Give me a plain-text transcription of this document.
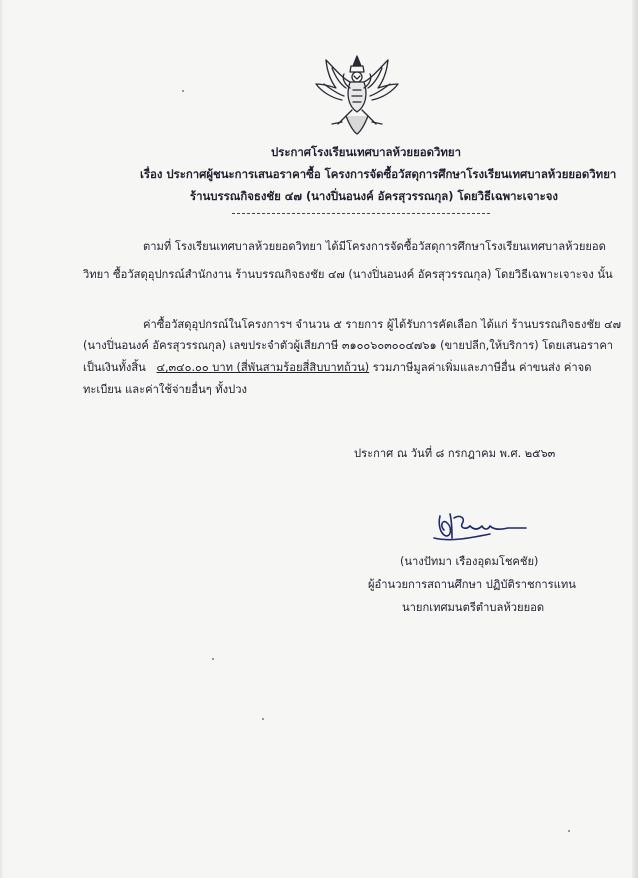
ประกาศโรงเรียนเทศบาลห้วยยอดวิทยา
เรื่อง ประกาศผู้ชนะการเสนอราคาซื้อ โครงการจัดซื้อวัสดุการศึกษาโรงเรียนเทศบาลห้วยยอดวิทยา
ร้านบรรณกิจธงชัย ๔๗ (นางปิ่นอนงค์ อัครสุวรรณกุล) โดยวิธีเฉพาะเจาะจง
ตามที่ โรงเรียนเทศบาลห้วยยอดวิทยา ได้มีโครงการจัดซื้อวัสดุการศึกษาโรงเรียนเทศบาลห้วยยอด
วิทยา ซื้อวัสดุอุปกรณ์สำนักงาน ร้านบรรณกิจธงชัย ๔๗ (นางปิ่นอนงค์ อัครสุวรรณกุล) โดยวิธีเฉพาะเจาะจง นั้น
ค่าซื้อวัสดุอุปกรณ์ในโครงการฯ จำนวน ๕ รายการ ผู้ได้รับการคัดเลือก ได้แก่ ร้านบรรณกิจธงชัย ๔๗
(นางปิ่นอนงค์ อัครสุวรรณกุล) เลขประจำตัวผู้เสียภาษี ๓๑๐๐๖๐๓๐๐๔๗๖๑ (ขายปลีก,ให้บริการ) โดยเสนอราคา
เป็นเงินทั้งสิ้น ๔,๓๔๐.๐๐ บาท (สี่พันสามร้อยสี่สิบบาทถ้วน) รวมภาษีมูลค่าเพิ่มและภาษีอื่น ค่าขนส่ง ค่าจด
ทะเบียน และค่าใช้จ่ายอื่นๆ ทั้งปวง
ประกาศ ณ วันที่ ๘ กรกฎาคม พ.ศ. ๒๕๖๓
(นางปัทมา เรืองอุดมโชคชัย)
ผู้อำนวยการสถานศึกษา ปฏิบัติราชการแทน
นายกเทศมนตรีตำบลห้วยยอด
